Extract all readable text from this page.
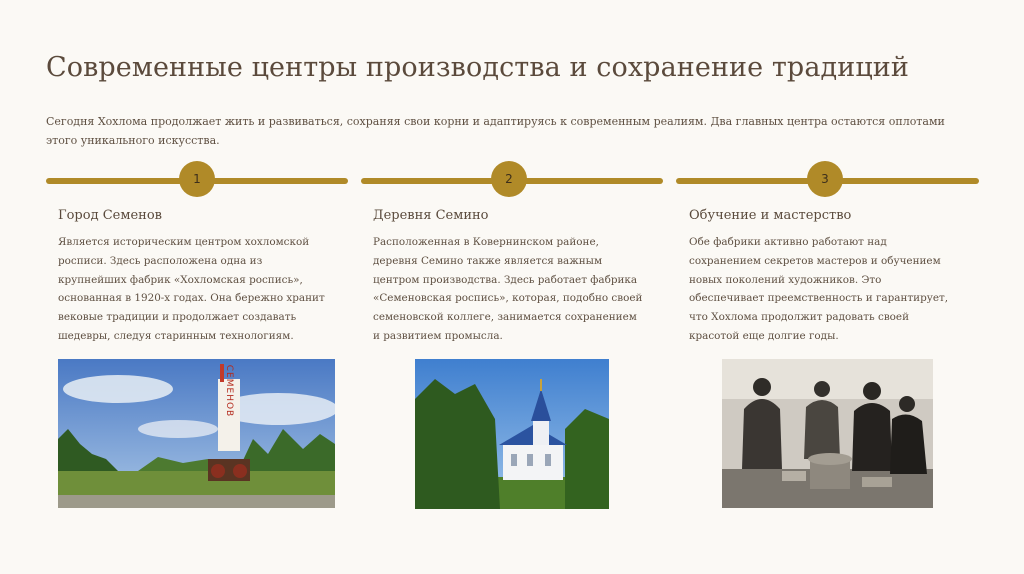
Современные центры производства и сохранение традиций
Сегодня Хохлома продолжает жить и развиваться, сохраняя свои корни и адаптируясь к современным реалиям. Два главных центра остаются оплотами этого уникального искусства.
1	2	3
Город Семенов
Является историческим центром хохломской росписи. Здесь расположена одна из крупнейших фабрик «Хохломская роспись», основанная в 1920-х годах. Она бережно хранит вековые традиции и продолжает создавать шедевры, следуя старинным технологиям.
Деревня Семино
Расположенная в Ковернинском районе, деревня Семино также является важным центром производства. Здесь работает фабрика «Семеновская роспись», которая, подобно своей семеновской коллеге, занимается сохранением и развитием промысла.
Обучение и мастерство
Обе фабрики активно работают над сохранением секретов мастеров и обучением новых поколений художников. Это обеспечивает преемственность и гарантирует, что Хохлома продолжит радовать своей красотой еще долгие годы.
СЕМЕНОВ
